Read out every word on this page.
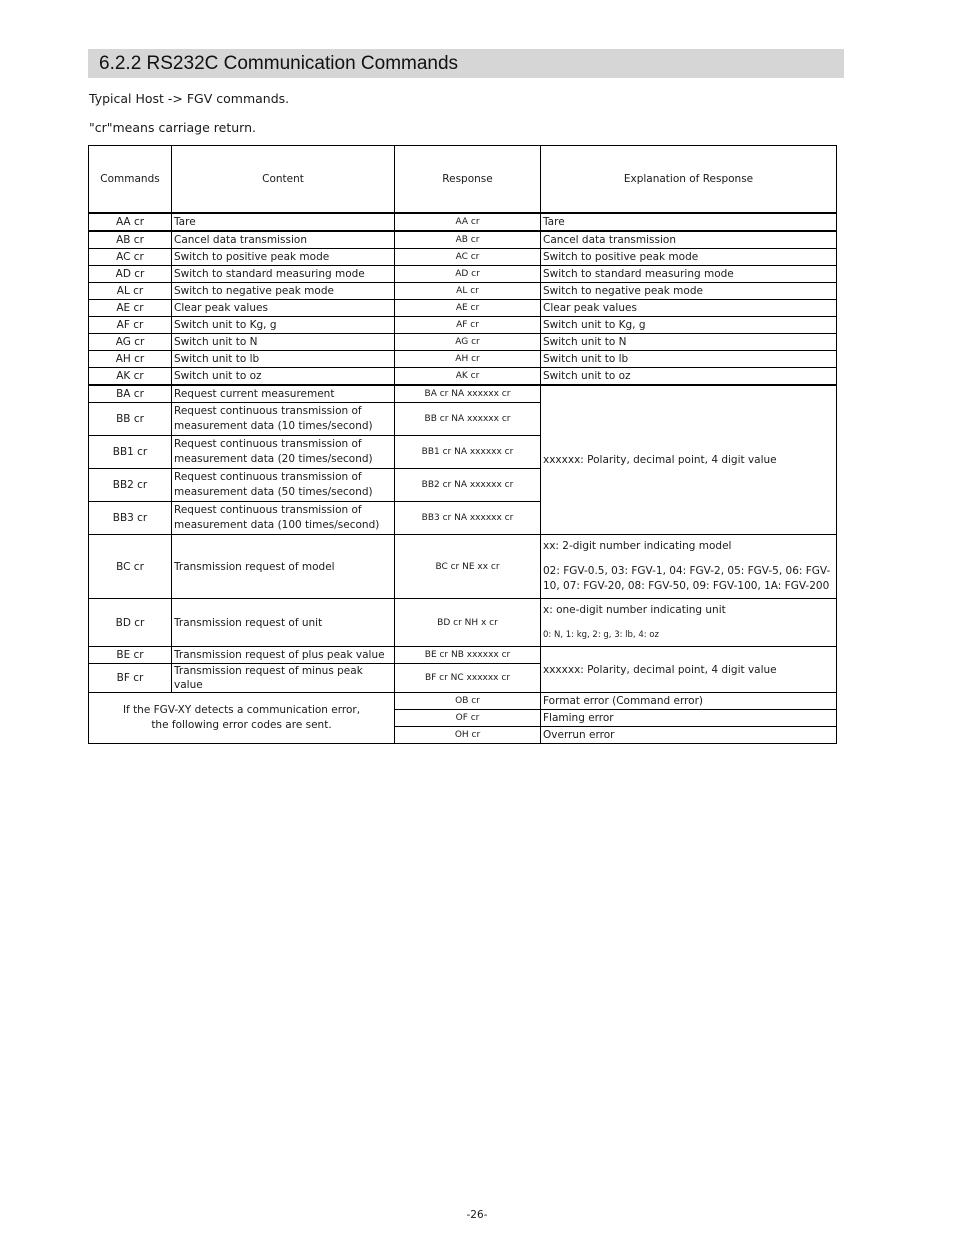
6.2.2 RS232C Communication Commands
Typical Host -> FGV commands.
"cr"means carriage return.
Commands	Content	Response	Explanation of Response
AA cr	Tare	AA cr	Tare
AB cr	Cancel data transmission	AB cr	Cancel data transmission
AC cr	Switch to positive peak mode	AC cr	Switch to positive peak mode
AD cr	Switch to standard measuring mode	AD cr	Switch to standard measuring mode
AL cr	Switch to negative peak mode	AL cr	Switch to negative peak mode
AE cr	Clear peak values	AE cr	Clear peak values
AF cr	Switch unit to Kg, g	AF cr	Switch unit to Kg, g
AG cr	Switch unit to N	AG cr	Switch unit to N
AH cr	Switch unit to lb	AH cr	Switch unit to lb
AK cr	Switch unit to oz	AK cr	Switch unit to oz
BA cr	Request current measurement	BA cr NA xxxxxx cr	xxxxxx: Polarity, decimal point, 4 digit value
BB cr	Request continuous transmission of measurement data (10 times/second)	BB cr NA xxxxxx cr	
BB1 cr	Request continuous transmission of measurement data (20 times/second)	BB1 cr NA xxxxxx cr	
BB2 cr	Request continuous transmission of measurement data (50 times/second)	BB2 cr NA xxxxxx cr	
BB3 cr	Request continuous transmission of measurement data (100 times/second)	BB3 cr NA xxxxxx cr	
BC cr	Transmission request of model	BC cr NE xx cr	xx: 2-digit number indicating model
02: FGV-0.5, 03: FGV-1, 04: FGV-2, 05: FGV-5, 06: FGV-10, 07: FGV-20, 08: FGV-50, 09: FGV-100, 1A: FGV-200
BD cr	Transmission request of unit	BD cr NH x cr	x: one-digit number indicating unit
0: N, 1: kg, 2: g, 3: lb, 4: oz
BE cr	Transmission request of plus peak value	BE cr NB xxxxxx cr	xxxxxx: Polarity, decimal point, 4 digit value
BF cr	Transmission request of minus peak value	BF cr NC xxxxxx cr	

If the FGV-XY detects a communication error,
the following error codes are sent.		OB cr	Format error (Command error)
		OF cr	Flaming error
		OH cr	Overrun error
-26-
